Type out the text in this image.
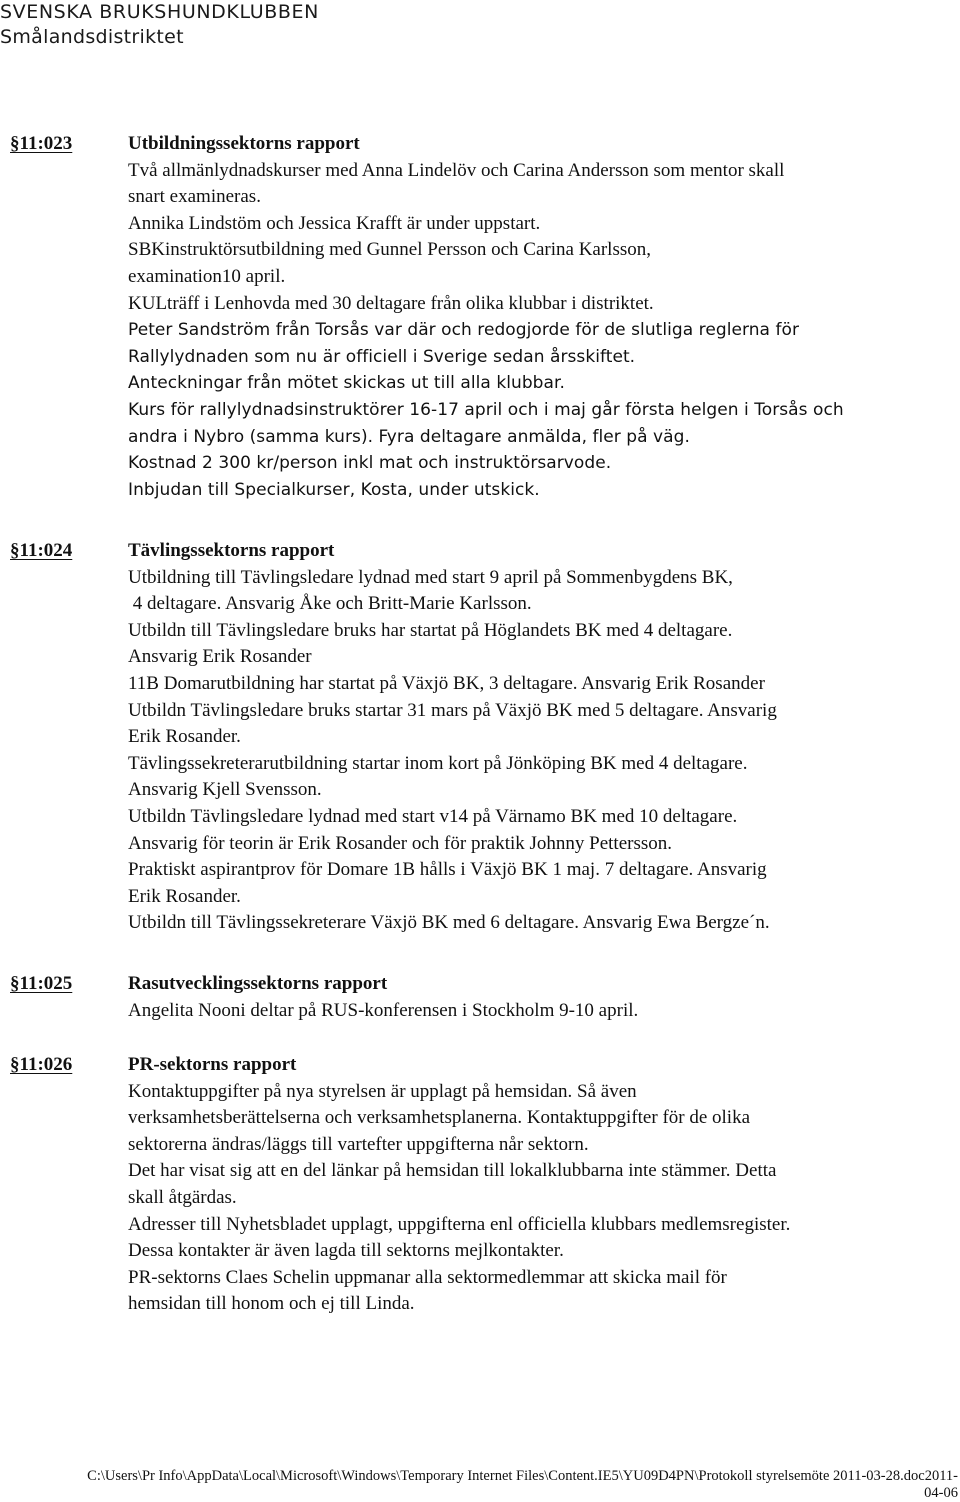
SVENSKA BRUKSHUNDKLUBBEN
Smålandsdistriktet
§11:023	Utbildningssektorns rapport
Två allmänlydnadskurser med Anna Lindelöv och Carina Andersson som mentor skall
snart examineras.
Annika Lindstöm och Jessica Krafft är under uppstart.
SBKinstruktörsutbildning med Gunnel Persson och Carina Karlsson,
examination10 april.
KULträff i Lenhovda med 30 deltagare från olika klubbar i distriktet.
Peter Sandström från Torsås var där och redogjorde för de slutliga reglerna för
Rallylydnaden som nu är officiell i Sverige sedan årsskiftet.
Anteckningar från mötet skickas ut till alla klubbar.
Kurs för rallylydnadsinstruktörer 16-17 april och i maj går första helgen i Torsås och
andra i Nybro (samma kurs). Fyra deltagare anmälda, fler på väg.
Kostnad 2 300 kr/person inkl mat och instruktörsarvode.
Inbjudan till Specialkurser, Kosta, under utskick.
§11:024	Tävlingssektorns rapport
Utbildning till Tävlingsledare lydnad med start 9 april på Sommenbygdens BK,
4 deltagare. Ansvarig Åke och Britt-Marie Karlsson.
Utbildn till Tävlingsledare bruks har startat på Höglandets BK med 4 deltagare.
Ansvarig Erik Rosander
11B Domarutbildning har startat på Växjö BK, 3 deltagare. Ansvarig Erik Rosander
Utbildn Tävlingsledare bruks startar 31 mars på Växjö BK med 5 deltagare. Ansvarig
Erik Rosander.
Tävlingssekreterarutbildning startar inom kort på Jönköping BK med 4 deltagare.
Ansvarig Kjell Svensson.
Utbildn Tävlingsledare lydnad med start v14 på Värnamo BK med 10 deltagare.
Ansvarig för teorin är Erik Rosander och för praktik Johnny Pettersson.
Praktiskt aspirantprov för Domare 1B hålls i Växjö BK 1 maj. 7 deltagare. Ansvarig
Erik Rosander.
Utbildn till Tävlingssekreterare Växjö BK med 6 deltagare. Ansvarig Ewa Bergze´n.
§11:025	Rasutvecklingssektorns rapport
Angelita Nooni deltar på RUS-konferensen i Stockholm 9-10 april.
§11:026	PR-sektorns rapport
Kontaktuppgifter på nya styrelsen är upplagt på hemsidan. Så även
verksamhetsberättelserna och verksamhetsplanerna. Kontaktuppgifter för de olika
sektorerna ändras/läggs till vartefter uppgifterna når sektorn.
Det har visat sig att en del länkar på hemsidan till lokalklubbarna inte stämmer. Detta
skall åtgärdas.
Adresser till Nyhetsbladet upplagt, uppgifterna enl officiella klubbars medlemsregister.
Dessa kontakter är även lagda till sektorns mejlkontakter.
PR-sektorns Claes Schelin uppmanar alla sektormedlemmar att skicka mail för
hemsidan till honom och ej till Linda.
C:\Users\Pr Info\AppData\Local\Microsoft\Windows\Temporary Internet Files\Content.IE5\YU09D4PN\Protokoll styrelsemöte 2011-03-28.doc2011-
04-06
